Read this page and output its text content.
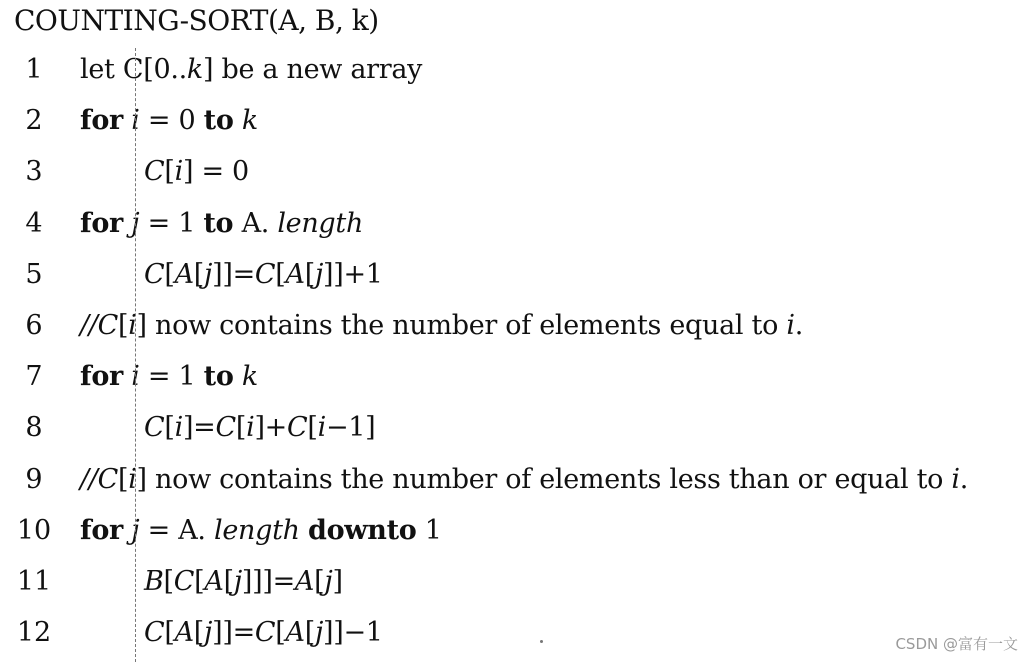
COUNTING-SORT(A, B, k)
1	let C[0..k] be a new array
2	for i = 0 to k
3	C[i] = 0
4	for j = 1 to A. length
5	C[A[j]]=C[A[j]]+1
6	//C[i] now contains the number of elements equal to i.
7	for i = 1 to k
8	C[i]=C[i]+C[i−1]
9	//C[i] now contains the number of elements less than or equal to i.
10 for j = A. length downto 1
11	B[C[A[j]]]=A[j]
12	C[A[j]]=C[A[j]]−1	CSDN @富有一文
